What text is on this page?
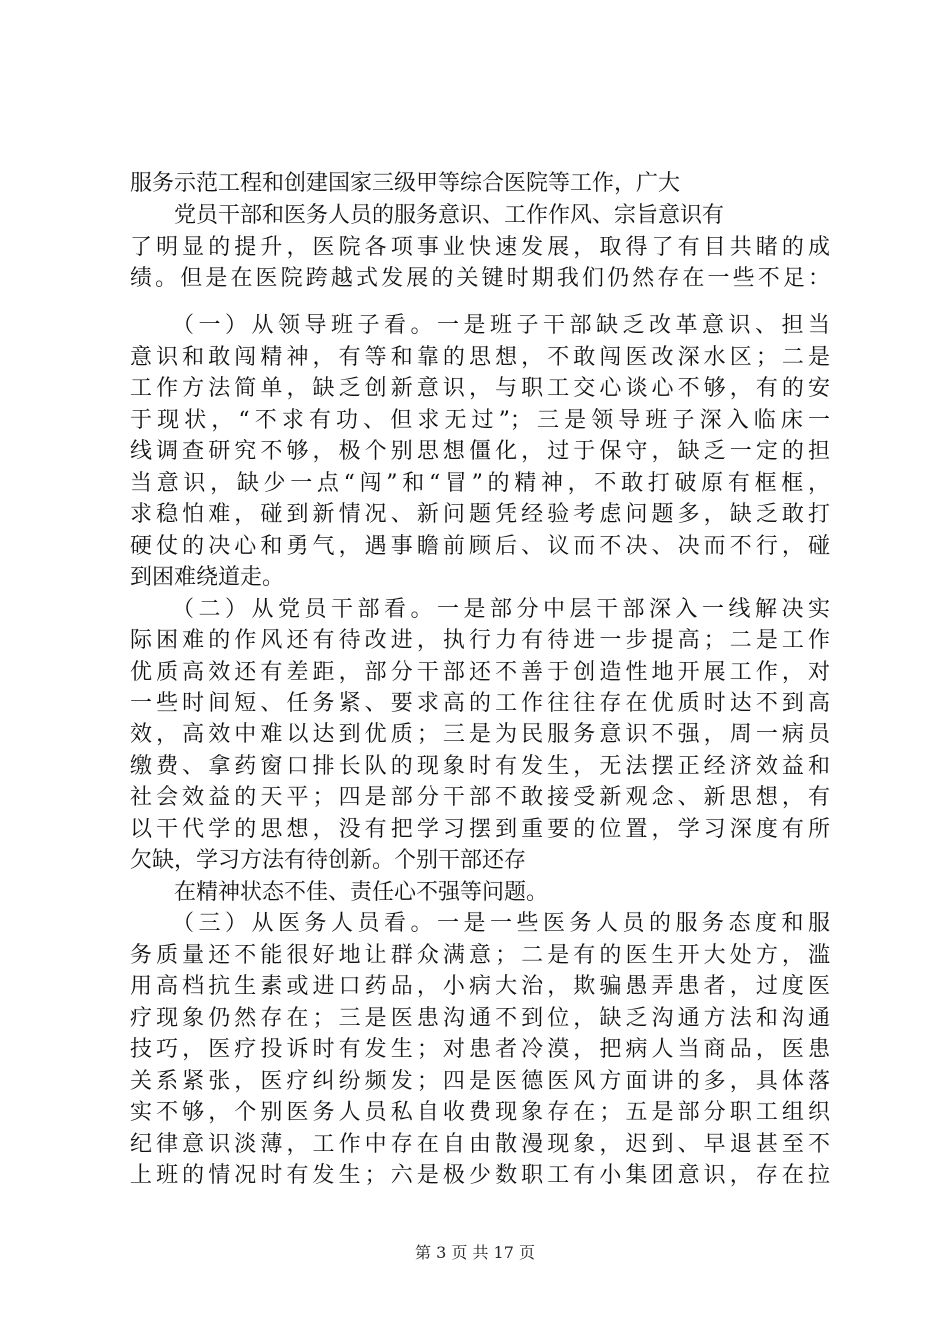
服务示范工程和创建国家三级甲等综合医院等工作，广大
　　党员干部和医务人员的服务意识、工作作风、宗旨意识有
了明显的提升，医院各项事业快速发展，取得了有目共睹的成
绩。但是在医院跨越式发展的关键时期我们仍然存在一些不足：
　　（一）从领导班子看。一是班子干部缺乏改革意识、担当
意识和敢闯精神，有等和靠的思想，不敢闯医改深水区；二是
工作方法简单，缺乏创新意识，与职工交心谈心不够，有的安
于现状，“不求有功、但求无过”；三是领导班子深入临床一
线调查研究不够，极个别思想僵化，过于保守，缺乏一定的担
当意识，缺少一点“闯”和“冒”的精神，不敢打破原有框框，
求稳怕难，碰到新情况、新问题凭经验考虑问题多，缺乏敢打
硬仗的决心和勇气，遇事瞻前顾后、议而不决、决而不行，碰
到困难绕道走。
　　（二）从党员干部看。一是部分中层干部深入一线解决实
际困难的作风还有待改进，执行力有待进一步提高；二是工作
优质高效还有差距，部分干部还不善于创造性地开展工作，对
一些时间短、任务紧、要求高的工作往往存在优质时达不到高
效，高效中难以达到优质；三是为民服务意识不强，周一病员
缴费、拿药窗口排长队的现象时有发生，无法摆正经济效益和
社会效益的天平；四是部分干部不敢接受新观念、新思想，有
以干代学的思想，没有把学习摆到重要的位置，学习深度有所
欠缺，学习方法有待创新。个别干部还存
　　在精神状态不佳、责任心不强等问题。
　　（三）从医务人员看。一是一些医务人员的服务态度和服
务质量还不能很好地让群众满意；二是有的医生开大处方，滥
用高档抗生素或进口药品，小病大治，欺骗愚弄患者，过度医
疗现象仍然存在；三是医患沟通不到位，缺乏沟通方法和沟通
技巧，医疗投诉时有发生；对患者冷漠，把病人当商品，医患
关系紧张，医疗纠纷频发；四是医德医风方面讲的多，具体落
实不够，个别医务人员私自收费现象存在；五是部分职工组织
纪律意识淡薄，工作中存在自由散漫现象，迟到、早退甚至不
上班的情况时有发生；六是极少数职工有小集团意识，存在拉
第 3 页 共 17 页
